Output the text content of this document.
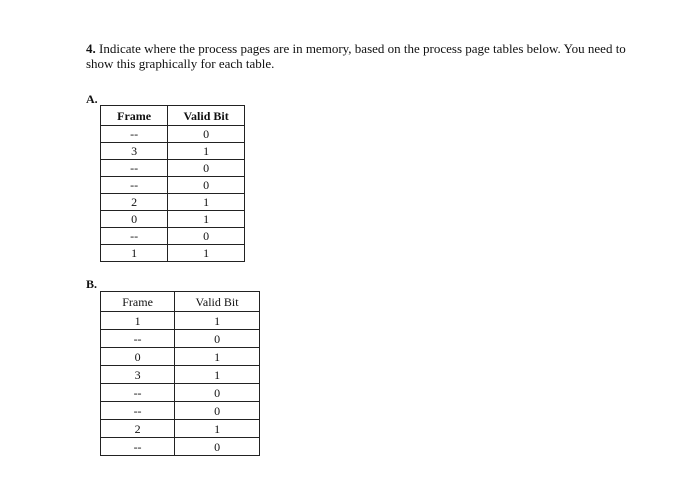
4. Indicate where the process pages are in memory, based on the process page tables below. You need to show this graphically for each table.
A.
Frame	Valid Bit
--	0
3	1
--	0
--	0
2	1
0	1
--	0
1	1
B.
Frame	Valid Bit
1	1
--	0
0	1
3	1
--	0
--	0
2	1
--	0
